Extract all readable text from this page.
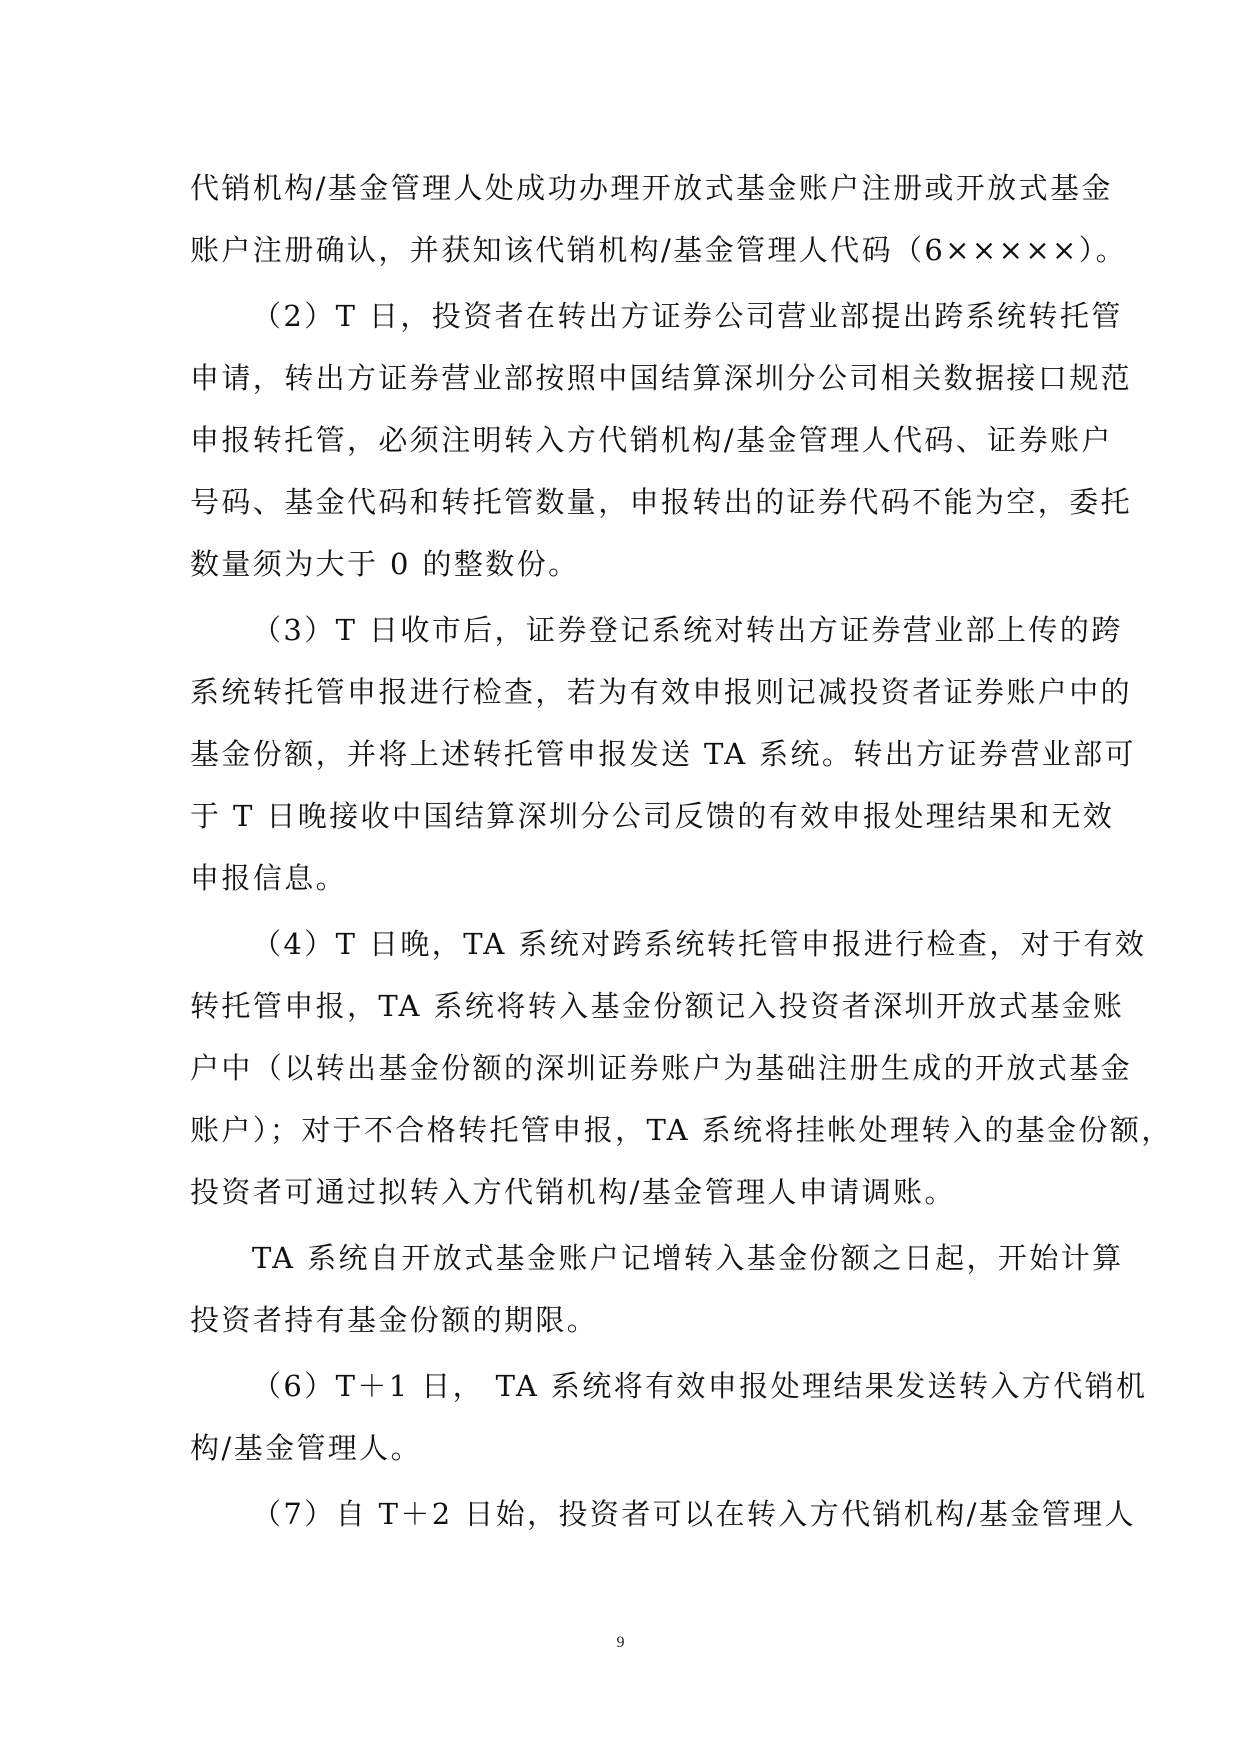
代销机构/基金管理人处成功办理开放式基金账户注册或开放式基金
账户注册确认，并获知该代销机构/基金管理人代码（6×××××）。
（2）T 日，投资者在转出方证券公司营业部提出跨系统转托管
申请，转出方证券营业部按照中国结算深圳分公司相关数据接口规范
申报转托管，必须注明转入方代销机构/基金管理人代码、证券账户
号码、基金代码和转托管数量，申报转出的证券代码不能为空，委托
数量须为大于 0 的整数份。
（3）T 日收市后，证券登记系统对转出方证券营业部上传的跨
系统转托管申报进行检查，若为有效申报则记减投资者证券账户中的
基金份额，并将上述转托管申报发送 TA 系统。转出方证券营业部可
于 T 日晚接收中国结算深圳分公司反馈的有效申报处理结果和无效
申报信息。
（4）T 日晚，TA 系统对跨系统转托管申报进行检查，对于有效
转托管申报，TA 系统将转入基金份额记入投资者深圳开放式基金账
户中（以转出基金份额的深圳证券账户为基础注册生成的开放式基金
账户）；对于不合格转托管申报，TA 系统将挂帐处理转入的基金份额，
投资者可通过拟转入方代销机构/基金管理人申请调账。
TA 系统自开放式基金账户记增转入基金份额之日起，开始计算
投资者持有基金份额的期限。
（6）T＋1 日， TA 系统将有效申报处理结果发送转入方代销机
构/基金管理人。
（7）自 T＋2 日始，投资者可以在转入方代销机构/基金管理人
9
